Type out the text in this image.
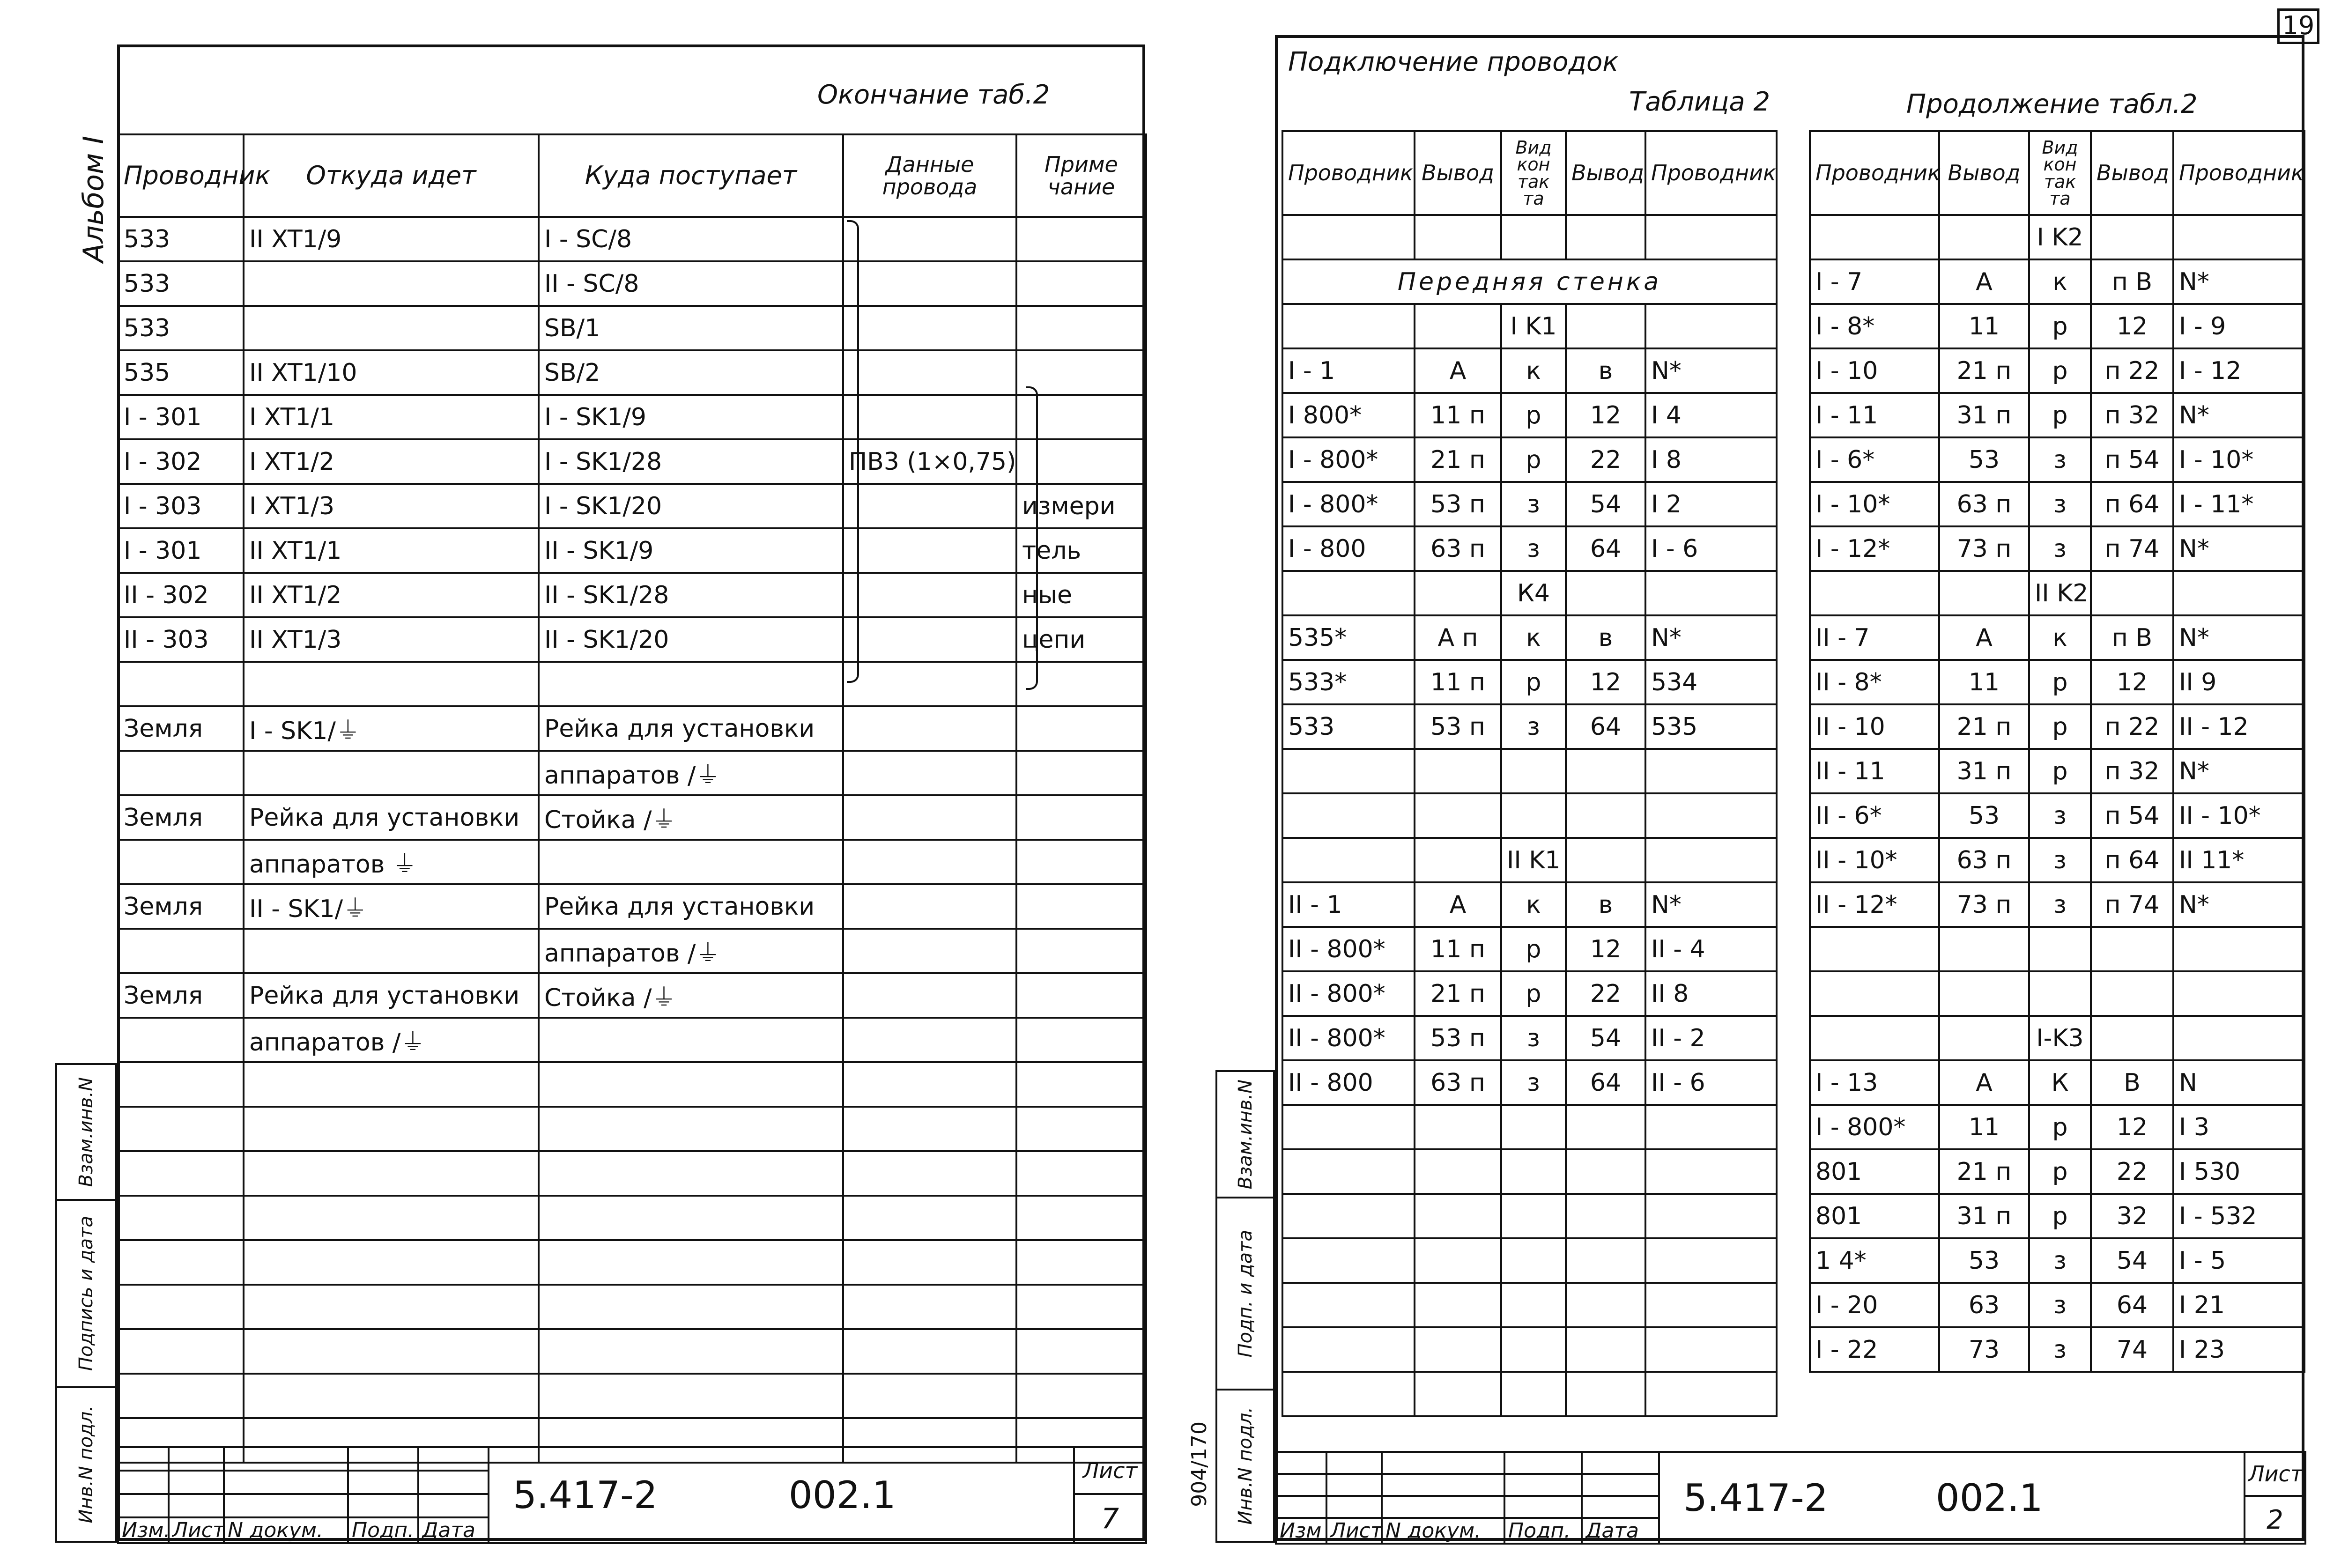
Альбом I
Окончание таб.2
Проводник	Откуда идет	Куда поступает	Данные провода	Приме чание
533	II XT1/9	I - SC/8		
533		II - SC/8		
533		SB/1		
535	II XT1/10	SB/2		
I - 301	I XT1/1	I - SK1/9		
I - 302	I XT1/2	I - SK1/28	ПВ3 (1×0,75)	
I - 303	I XT1/3	I - SK1/20		измери
I - 301	II XT1/1	II - SK1/9		тель
II - 302	II XT1/2	II - SK1/28		ные
II - 303	II XT1/3	II - SK1/20		цепи

Земля	I - SK1/⏚	Рейка для установки		
		аппаратов /⏚		
Земля	Рейка для установки	Стойка /⏚		
	аппаратов ⏚			
Земля	II - SK1/⏚	Рейка для установки		
		аппаратов /⏚		
Земля	Рейка для установки	Стойка /⏚		
	аппаратов /⏚			

Взам.инв.N

Подпись и дата

Инв.N подл.
						5.417-2 002.1	Лист

						7
Изм.	Лист	N докум.	Подп.	Дата		
19
Подключение проводок
Таблица 2	Продолжение табл.2
Проводник	Вывод	Вид кон так та	Вывод	Проводник

Передняя стенка				
		I K1		
I - 1	А	к	в	N*
I 800*	11 п	р	12	I 4
I - 800*	21 п	р	22	I 8
I - 800*	53 п	з	54	I 2
I - 800	63 п	з	64	I - 6
		К4		
535*	А п	к	в	N*
533*	11 п	р	12	534
533	53 п	з	64	535

		II K1		
II - 1	А	к	в	N*
II - 800*	11 п	р	12	II - 4
II - 800*	21 п	р	22	II 8
II - 800*	53 п	з	54	II - 2
II - 800	63 п	з	64	II - 6

Проводник	Вывод	Вид кон так та	Вывод	Проводник
		I K2		
I - 7	А	к	п В	N*
I - 8*	11	р	12	I - 9
I - 10	21 п	р	п 22	I - 12
I - 11	31 п	р	п 32	N*
I - 6*	53	з	п 54	I - 10*
I - 10*	63 п	з	п 64	I - 11*
I - 12*	73 п	з	п 74	N*
		II K2		
II - 7	А	к	п В	N*
II - 8*	11	р	12	II 9
II - 10	21 п	р	п 22	II - 12
II - 11	31 п	р	п 32	N*
II - 6*	53	з	п 54	II - 10*
II - 10*	63 п	з	п 64	II 11*
II - 12*	73 п	з	п 74	N*

		I-K3		
I - 13	А	К	В	N
I - 800*	11	р	12	I 3
801	21 п	р	22	I 530
801	31 п	р	32	I - 532
1 4*	53	з	54	I - 5
I - 20	63	з	64	I 21
I - 22	73	з	74	I 23
904/170
Взам.инв.N

Подп. и дата

Инв.N подл.
						5.417-2 002.1	Лист

						2
Изм	Лист	N докум.	Подп.	Дата		
